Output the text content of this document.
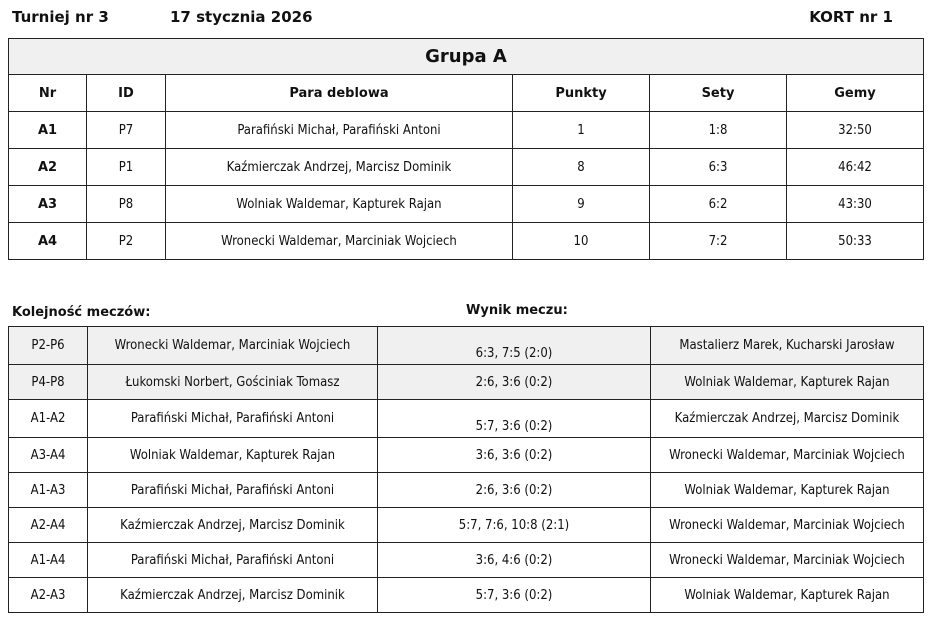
Turniej nr 3	17 stycznia 2026	KORT nr 1
Grupa A					
Nr	ID	Para deblowa	Punkty	Sety	Gemy
A1	P7	Parafiński Michał, Parafiński Antoni	1	1:8	32:50
A2	P1	Kaźmierczak Andrzej, Marcisz Dominik	8	6:3	46:42
A3	P8	Wolniak Waldemar, Kapturek Rajan	9	6:2	43:30
A4	P2	Wronecki Waldemar, Marciniak Wojciech	10	7:2	50:33
Kolejność meczów:	Wynik meczu:
P2-P6	Wronecki Waldemar, Marciniak Wojciech	6:3, 7:5 (2:0)	Mastalierz Marek, Kucharski Jarosław
P4-P8	Łukomski Norbert, Gościniak Tomasz	2:6, 3:6 (0:2)	Wolniak Waldemar, Kapturek Rajan
A1-A2	Parafiński Michał, Parafiński Antoni	5:7, 3:6 (0:2)	Kaźmierczak Andrzej, Marcisz Dominik
A3-A4	Wolniak Waldemar, Kapturek Rajan	3:6, 3:6 (0:2)	Wronecki Waldemar, Marciniak Wojciech
A1-A3	Parafiński Michał, Parafiński Antoni	2:6, 3:6 (0:2)	Wolniak Waldemar, Kapturek Rajan
A2-A4	Kaźmierczak Andrzej, Marcisz Dominik	5:7, 7:6, 10:8 (2:1)	Wronecki Waldemar, Marciniak Wojciech
A1-A4	Parafiński Michał, Parafiński Antoni	3:6, 4:6 (0:2)	Wronecki Waldemar, Marciniak Wojciech
A2-A3	Kaźmierczak Andrzej, Marcisz Dominik	5:7, 3:6 (0:2)	Wolniak Waldemar, Kapturek Rajan
